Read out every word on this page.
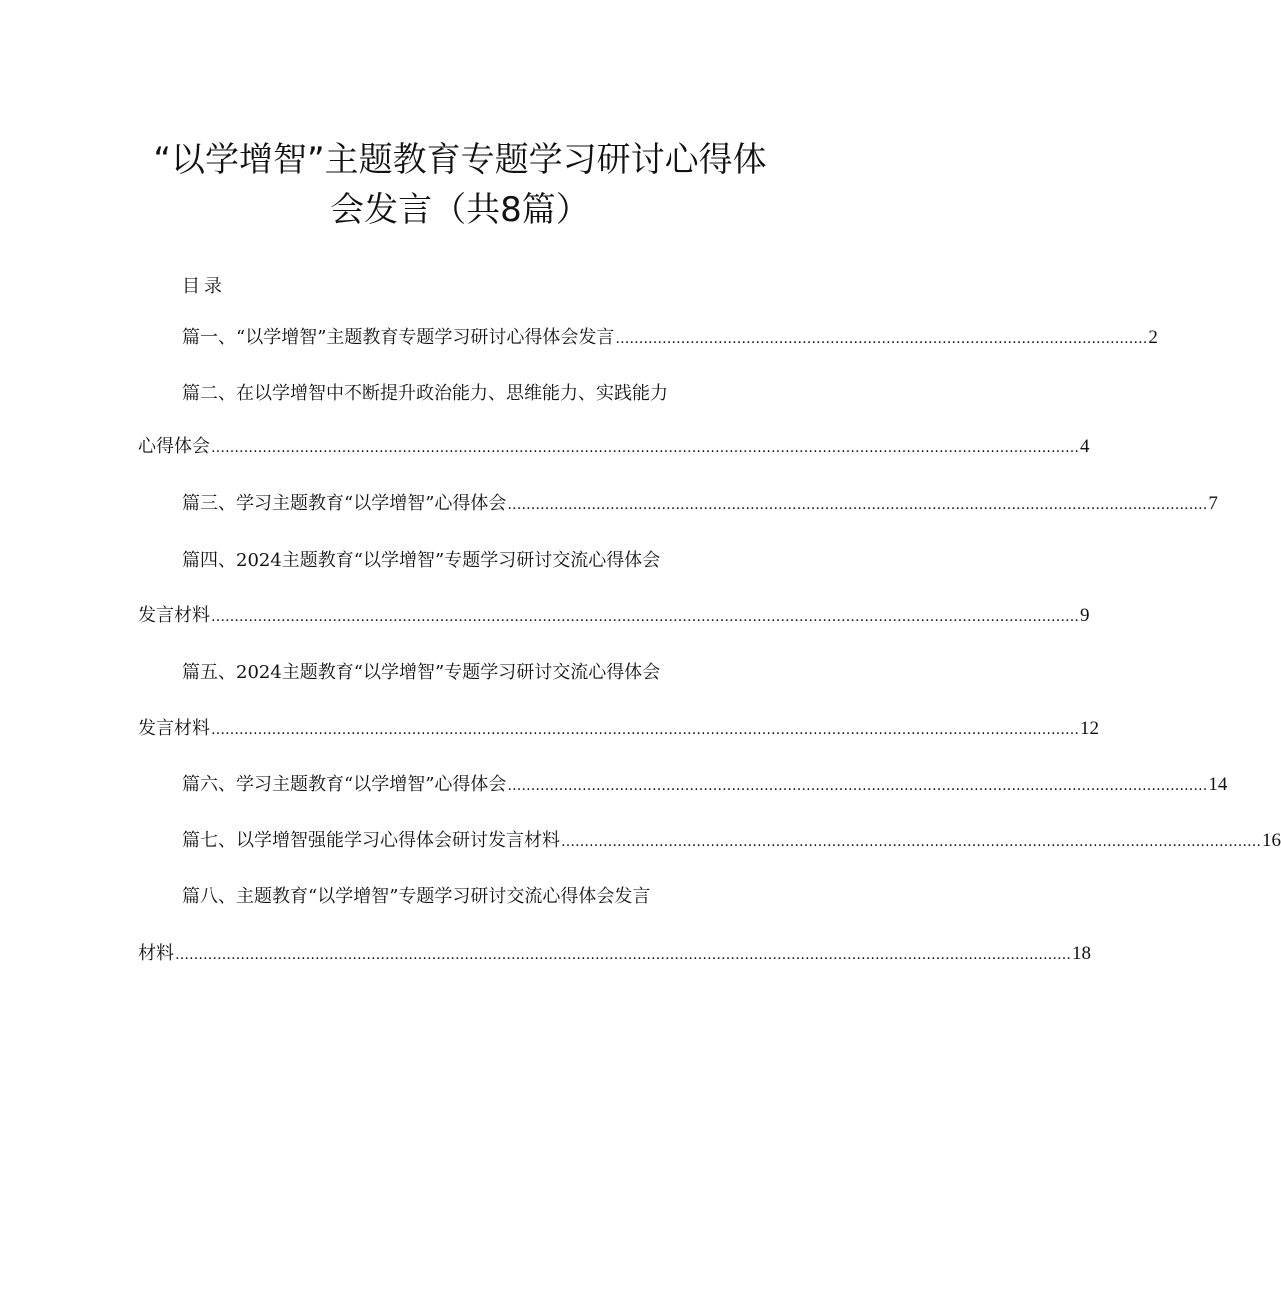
“以学增智”主题教育专题学习研讨心得体
会发言（共8篇）
目录
篇一、“以学增智”主题教育专题学习研讨心得体会发言 …………………………………………………………………………………………………… 2
篇二、在以学增智中不断提升政治能力、思维能力、实践能力
心得体会 …………………………………………………………………………………………………………………………………………………………………… 4
篇三、学习主题教育“以学增智”心得体会 …………………………………………………………………………………………………………………………………… 7
篇四、2024主题教育“以学增智”专题学习研讨交流心得体会
发言材料 …………………………………………………………………………………………………………………………………………………………………… 9
篇五、2024主题教育“以学增智”专题学习研讨交流心得体会
发言材料 …………………………………………………………………………………………………………………………………………………………………… 12
篇六、学习主题教育“以学增智”心得体会 …………………………………………………………………………………………………………………………………… 14
篇七、以学增智强能学习心得体会研讨发言材料 …………………………………………………………………………………………………………………………………… 16
篇八、主题教育“以学增智”专题学习研讨交流心得体会发言
材料 ………………………………………………………………………………………………………………………………………………………………………… 18
